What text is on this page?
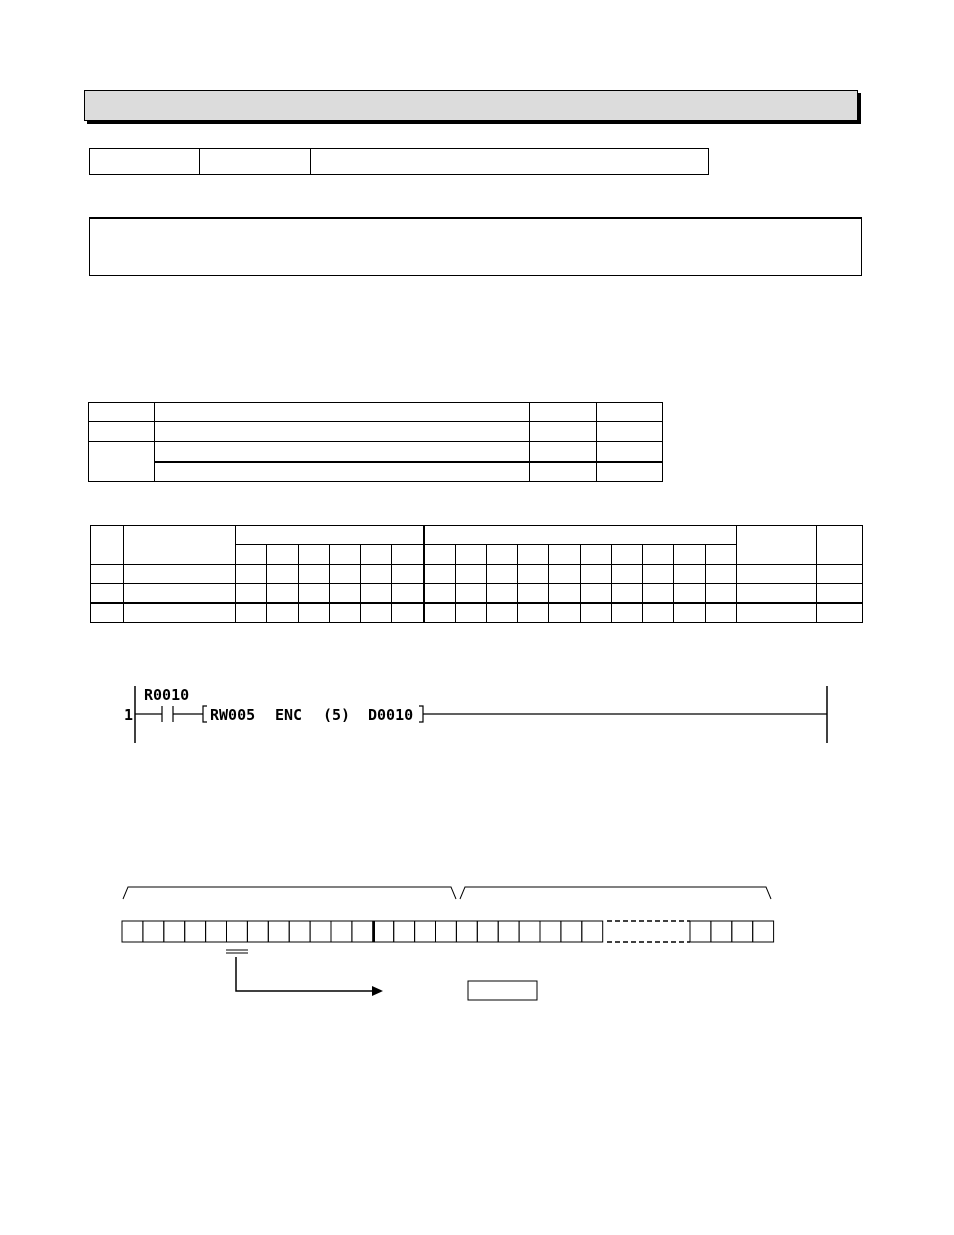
1
R0010
RW005 ENC (5) D0010
